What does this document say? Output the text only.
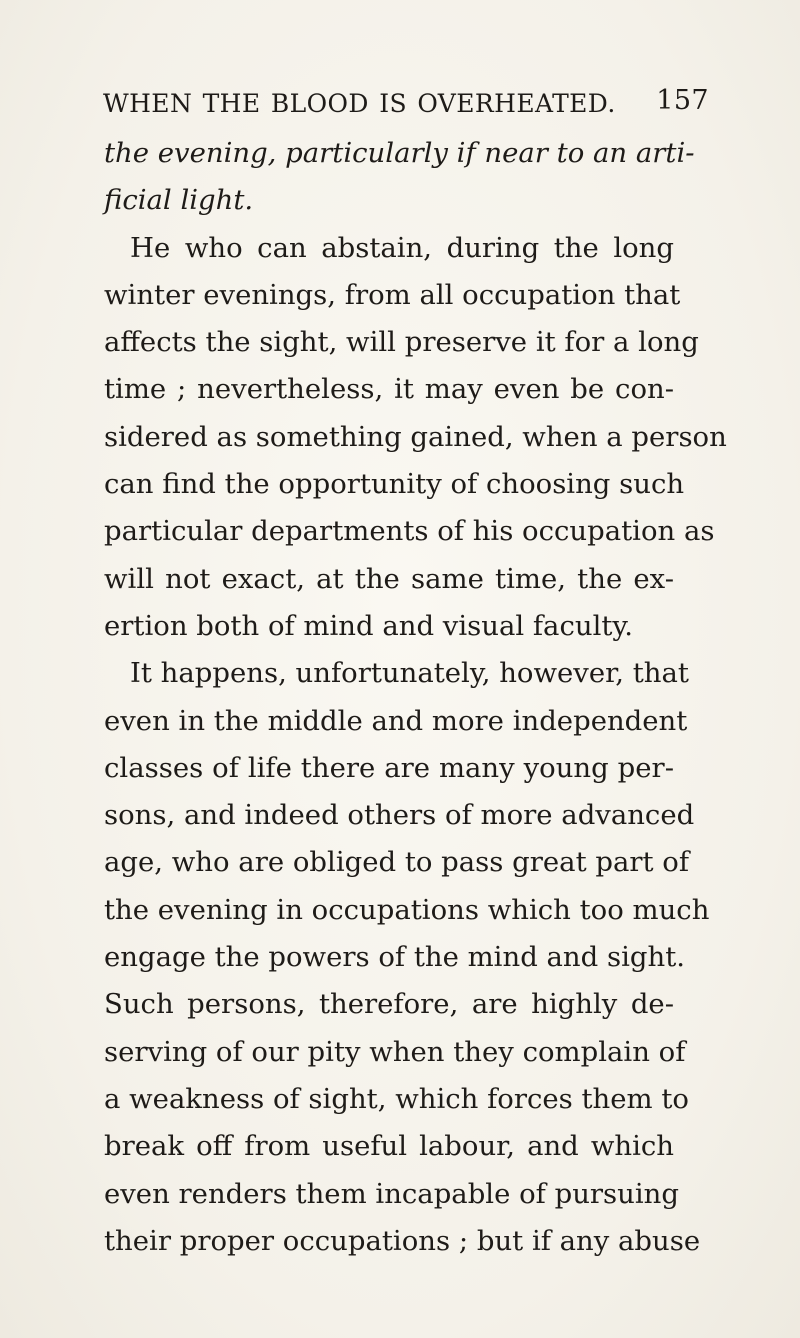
WHEN THE BLOOD IS OVERHEATED. 157
the evening, particularly if near to an arti-
ficial light.
He who can abstain, during the long
winter evenings, from all occupation that
affects the sight, will preserve it for a long
time ; nevertheless, it may even be con-
sidered as something gained, when a person
can find the opportunity of choosing such
particular departments of his occupation as
will not exact, at the same time, the ex-
ertion both of mind and visual faculty.
It happens, unfortunately, however, that
even in the middle and more independent
classes of life there are many young per-
sons, and indeed others of more advanced
age, who are obliged to pass great part of
the evening in occupations which too much
engage the powers of the mind and sight.
Such persons, therefore, are highly de-
serving of our pity when they complain of
a weakness of sight, which forces them to
break off from useful labour, and which
even renders them incapable of pursuing
their proper occupations ; but if any abuse
